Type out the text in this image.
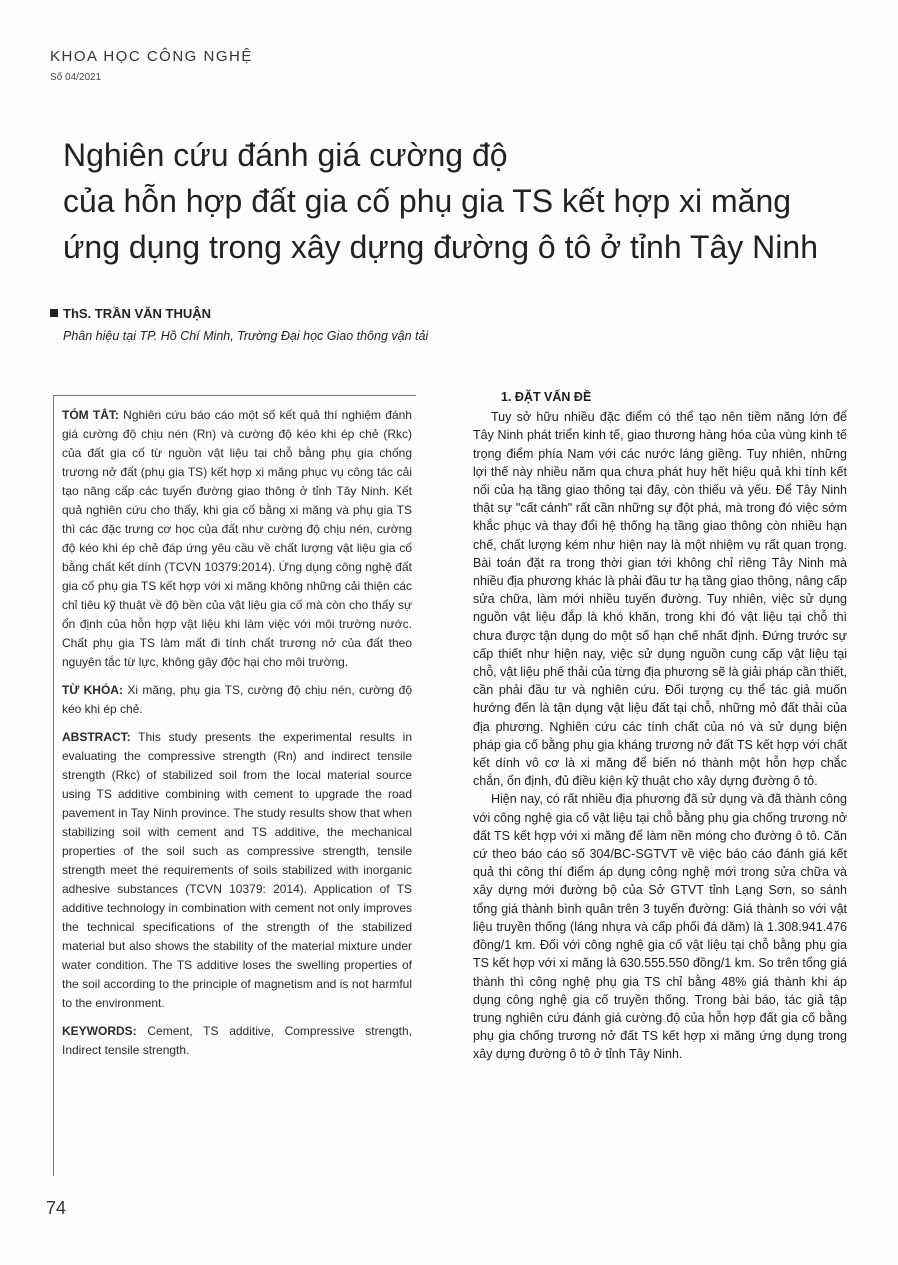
KHOA HỌC CÔNG NGHỆ
Số 04/2021
Nghiên cứu đánh giá cường độ
của hỗn hợp đất gia cố phụ gia TS kết hợp xi măng
ứng dụng trong xây dựng đường ô tô ở tỉnh Tây Ninh
ThS. TRẦN VĂN THUẬN
Phân hiệu tại TP. Hồ Chí Minh, Trường Đại học Giao thông vận tải

TÓM TẮT: Nghiên cứu báo cáo một số kết quả thí nghiệm đánh giá cường độ chịu nén (Rn) và cường độ kéo khi ép chẻ (Rkc) của đất gia cố từ nguồn vật liệu tại chỗ bằng phụ gia chống trương nở đất (phụ gia TS) kết hợp xi măng phục vụ công tác cải tạo nâng cấp các tuyến đường giao thông ở tỉnh Tây Ninh. Kết quả nghiên cứu cho thấy, khi gia cố bằng xi măng và phụ gia TS thì các đặc trưng cơ học của đất như cường độ chịu nén, cường độ kéo khi ép chẻ đáp ứng yêu cầu về chất lượng vật liệu gia cố bằng chất kết dính (TCVN 10379:2014). Ứng dụng công nghệ đất gia cố phụ gia TS kết hợp với xi măng không những cải thiện các chỉ tiêu kỹ thuật về độ bền của vật liệu gia cố mà còn cho thấy sự ổn định của hỗn hợp vật liệu khi làm việc với môi trường nước. Chất phụ gia TS làm mất đi tính chất trương nở của đất theo nguyên tắc từ lực, không gây độc hại cho môi trường.

TỪ KHÓA: Xi măng, phụ gia TS, cường độ chịu nén, cường độ kéo khi ép chẻ.

ABSTRACT: This study presents the experimental results in evaluating the compressive strength (Rn) and indirect tensile strength (Rkc) of stabilized soil from the local material source using TS additive combining with cement to upgrade the road pavement in Tay Ninh province. The study results show that when stabilizing soil with cement and TS additive, the mechanical properties of the soil such as compressive strength, tensile strength meet the requirements of soils stabilized with inorganic adhesive substances (TCVN 10379: 2014). Application of TS additive technology in combination with cement not only improves the technical specifications of the strength of the stabilized material but also shows the stability of the material mixture under water condition. The TS additive loses the swelling properties of the soil according to the principle of magnetism and is not harmful to the environment.

KEYWORDS: Cement, TS additive, Compressive strength, Indirect tensile strength.

1. ĐẶT VẤN ĐỀ

Tuy sở hữu nhiều đặc điểm có thể tạo nên tiềm năng lớn để Tây Ninh phát triển kinh tế, giao thương hàng hóa của vùng kinh tế trọng điểm phía Nam với các nước láng giềng. Tuy nhiên, những lợi thế này nhiều năm qua chưa phát huy hết hiệu quả khi tính kết nối của hạ tầng giao thông tại đây, còn thiếu và yếu. Để Tây Ninh thật sự "cất cánh" rất cần những sự đột phá, mà trong đó việc sớm khắc phục và thay đổi hệ thống hạ tầng giao thông còn nhiều hạn chế, chất lượng kém như hiện nay là một nhiệm vụ rất quan trọng. Bài toán đặt ra trong thời gian tới không chỉ riêng Tây Ninh mà nhiều địa phương khác là phải đầu tư hạ tầng giao thông, nâng cấp sửa chữa, làm mới nhiều tuyến đường. Tuy nhiên, việc sử dụng nguồn vật liệu đắp là khó khăn, trong khi đó vật liệu tại chỗ thì chưa được tận dụng do một số hạn chế nhất định. Đứng trước sự cấp thiết như hiện nay, việc sử dụng nguồn cung cấp vật liệu tại chỗ, vật liệu phế thải của từng địa phương sẽ là giải pháp cần thiết, cần phải đầu tư và nghiên cứu. Đối tượng cụ thể tác giả muốn hướng đến là tận dụng vật liệu đất tại chỗ, những mỏ đất thải của địa phương. Nghiên cứu các tính chất của nó và sử dụng biện pháp gia cố bằng phụ gia kháng trương nở đất TS kết hợp với chất kết dính vô cơ là xi măng để biến nó thành một hỗn hợp chắc chắn, ổn định, đủ điều kiện kỹ thuật cho xây dựng đường ô tô.

Hiện nay, có rất nhiều địa phương đã sử dụng và đã thành công với công nghệ gia cố vật liệu tại chỗ bằng phụ gia chống trương nở đất TS kết hợp với xi măng để làm nền móng cho đường ô tô. Căn cứ theo báo cáo số 304/BC-SGTVT về việc báo cáo đánh giá kết quả thi công thí điểm áp dụng công nghệ mới trong sửa chữa và xây dựng mới đường bộ của Sở GTVT tỉnh Lạng Sơn, so sánh tổng giá thành bình quân trên 3 tuyến đường: Giá thành so với vật liệu truyền thống (láng nhựa và cấp phối đá dăm) là 1.308.941.476 đồng/1 km. Đối với công nghệ gia cố vật liệu tại chỗ bằng phụ gia TS kết hợp với xi măng là 630.555.550 đồng/1 km. So trên tổng giá thành thì công nghệ phụ gia TS chỉ bằng 48% giá thành khi áp dụng công nghệ gia cố truyền thống. Trong bài báo, tác giả tập trung nghiên cứu đánh giá cường độ của hỗn hợp đất gia cố bằng phụ gia chống trương nở đất TS kết hợp xi măng ứng dụng trong xây dựng đường ô tô ở tỉnh Tây Ninh.

74
